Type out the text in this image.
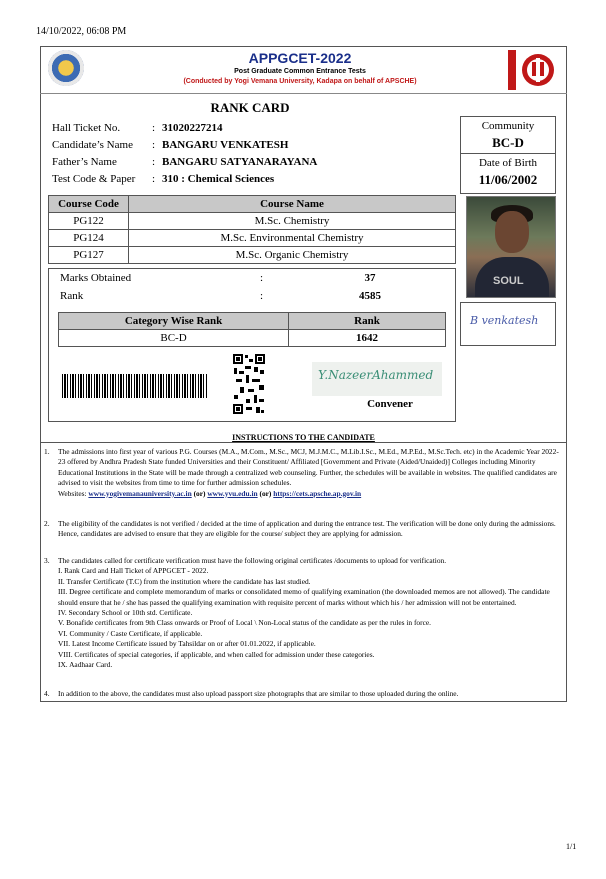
14/10/2022, 06:08 PM
APPGCET-2022
Post Graduate Common Entrance Tests
(Conducted by Yogi Vemana University, Kadapa on behalf of APSCHE)
RANK CARD
Hall Ticket No.	: 31020227214
Candidate’s Name : BANGARU VENKATESH
Father’s Name	: BANGARU SATYANARAYANA
Test Code & Paper : 310 : Chemical Sciences
Community
BC-D
Date of Birth
11/06/2002
Course Code	Course Name
PG122	M.Sc. Chemistry
PG124	M.Sc. Environmental Chemistry
PG127	M.Sc. Organic Chemistry
SOUL
B venkatesh
Marks Obtained	:	37
Rank	:	4585
Category Wise Rank	Rank
BC-D	1642
Y.NazeerAhammed
Convener
INSTRUCTIONS TO THE CANDIDATE
1. The admissions into first year of various P.G. Courses (M.A., M.Com., M.Sc., MCJ, M.J.M.C., M.Lib.I.Sc., M.Ed., M.P.Ed., M.Sc.Tech. etc) in the Academic Year 2022-23 offered by Andhra Pradesh State funded Universities and their Constituent/ Affiliated [Government and Private (Aided/Unaided)] Colleges including Minority Educational Institutions in the State will be made through a centralized web counseling. Further, the schedules will be available in websites. The qualified candidates are advised to visit the websites from time to time for further admission schedules.
Websites: www.yogivemanauniversity.ac.in (or) www.yvu.edu.in (or) https://cets.apsche.ap.gov.in
2. The eligibility of the candidates is not verified / decided at the time of application and during the entrance test. The verification will be done only during the admissions. Hence, candidates are advised to ensure that they are eligible for the course/ subject they are applying for admission.
3. The candidates called for certificate verification must have the following original certificates /documents to upload for verification.
I. Rank Card and Hall Ticket of APPGCET - 2022.
II. Transfer Certificate (T.C) from the institution where the candidate has last studied.
III. Degree certificate and complete memorandum of marks or consolidated memo of qualifying examination (the downloaded memos are not allowed). The candidate should ensure that he / she has passed the qualifying examination with requisite percent of marks without which his / her admission will not be entertained.
IV. Secondary School or 10th std. Certificate.
V. Bonafide certificates from 9th Class onwards or Proof of Local \ Non-Local status of the candidate as per the rules in force.
VI. Community / Caste Certificate, if applicable.
VII. Latest Income Certificate issued by Tahsildar on or after 01.01.2022, if applicable.
VIII. Certificates of special categories, if applicable, and when called for admission under these categories.
IX. Aadhaar Card.
4. In addition to the above, the candidates must also upload passport size photographs that are similar to those uploaded during the online.
1/1
